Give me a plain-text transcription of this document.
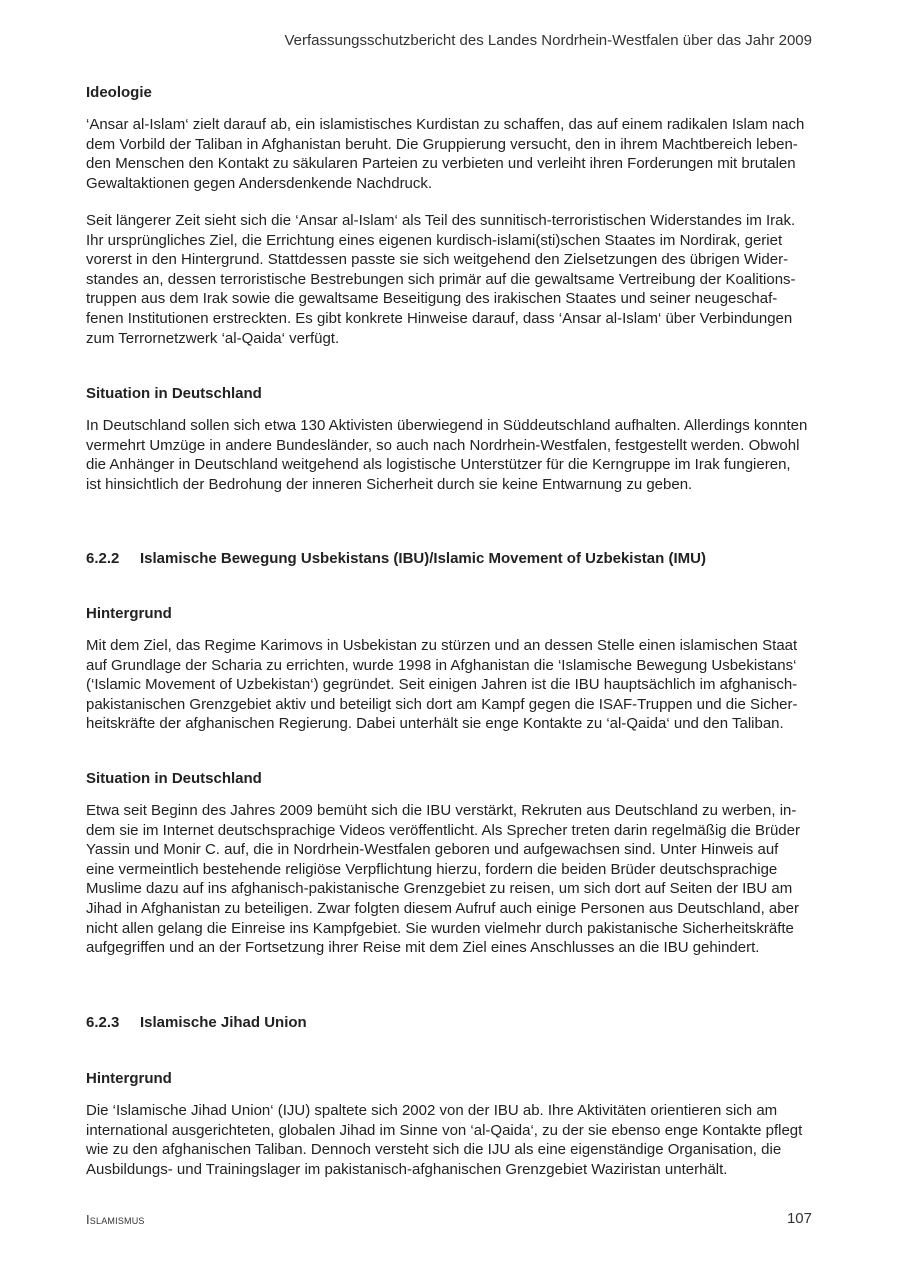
Verfassungsschutzbericht des Landes Nordrhein-Westfalen über das Jahr 2009
Ideologie
‘Ansar al-Islam‘ zielt darauf ab, ein islamistisches Kurdistan zu schaffen, das auf einem radikalen Islam nach
dem Vorbild der Taliban in Afghanistan beruht. Die Gruppierung versucht, den in ihrem Machtbereich leben-
den Menschen den Kontakt zu säkularen Parteien zu verbieten und verleiht ihren Forderungen mit brutalen
Gewaltaktionen gegen Andersdenkende Nachdruck.
Seit längerer Zeit sieht sich die ‘Ansar al-Islam‘ als Teil des sunnitisch-terroristischen Widerstandes im Irak.
Ihr ursprüngliches Ziel, die Errichtung eines eigenen kurdisch-islami(sti)schen Staates im Nordirak, geriet
vorerst in den Hintergrund. Stattdessen passte sie sich weitgehend den Zielsetzungen des übrigen Wider-
standes an, dessen terroristische Bestrebungen sich primär auf die gewaltsame Vertreibung der Koalitions-
truppen aus dem Irak sowie die gewaltsame Beseitigung des irakischen Staates und seiner neugeschaf-
fenen Institutionen erstreckten. Es gibt konkrete Hinweise darauf, dass ‘Ansar al-Islam‘ über Verbindungen
zum Terrornetzwerk ‘al-Qaida‘ verfügt.
Situation in Deutschland
In Deutschland sollen sich etwa 130 Aktivisten überwiegend in Süddeutschland aufhalten. Allerdings konnten
vermehrt Umzüge in andere Bundesländer, so auch nach Nordrhein-Westfalen, festgestellt werden. Obwohl
die Anhänger in Deutschland weitgehend als logistische Unterstützer für die Kerngruppe im Irak fungieren,
ist hinsichtlich der Bedrohung der inneren Sicherheit durch sie keine Entwarnung zu geben.
6.2.2 Islamische Bewegung Usbekistans (IBU)/Islamic Movement of Uzbekistan (IMU)
Hintergrund
Mit dem Ziel, das Regime Karimovs in Usbekistan zu stürzen und an dessen Stelle einen islamischen Staat
auf Grundlage der Scharia zu errichten, wurde 1998 in Afghanistan die ‘Islamische Bewegung Usbekistans‘
(‘Islamic Movement of Uzbekistan‘) gegründet. Seit einigen Jahren ist die IBU hauptsächlich im afghanisch-
pakistanischen Grenzgebiet aktiv und beteiligt sich dort am Kampf gegen die ISAF-Truppen und die Sicher-
heitskräfte der afghanischen Regierung. Dabei unterhält sie enge Kontakte zu ‘al-Qaida‘ und den Taliban.
Situation in Deutschland
Etwa seit Beginn des Jahres 2009 bemüht sich die IBU verstärkt, Rekruten aus Deutschland zu werben, in-
dem sie im Internet deutschsprachige Videos veröffentlicht. Als Sprecher treten darin regelmäßig die Brüder
Yassin und Monir C. auf, die in Nordrhein-Westfalen geboren und aufgewachsen sind. Unter Hinweis auf
eine vermeintlich bestehende religiöse Verpflichtung hierzu, fordern die beiden Brüder deutschsprachige
Muslime dazu auf ins afghanisch-pakistanische Grenzgebiet zu reisen, um sich dort auf Seiten der IBU am
Jihad in Afghanistan zu beteiligen. Zwar folgten diesem Aufruf auch einige Personen aus Deutschland, aber
nicht allen gelang die Einreise ins Kampfgebiet. Sie wurden vielmehr durch pakistanische Sicherheitskräfte
aufgegriffen und an der Fortsetzung ihrer Reise mit dem Ziel eines Anschlusses an die IBU gehindert.
6.2.3 Islamische Jihad Union
Hintergrund
Die ‘Islamische Jihad Union‘ (IJU) spaltete sich 2002 von der IBU ab. Ihre Aktivitäten orientieren sich am
international ausgerichteten, globalen Jihad im Sinne von ‘al-Qaida‘, zu der sie ebenso enge Kontakte pflegt
wie zu den afghanischen Taliban. Dennoch versteht sich die IJU als eine eigenständige Organisation, die
Ausbildungs- und Trainingslager im pakistanisch-afghanischen Grenzgebiet Waziristan unterhält.
Islamismus	107
